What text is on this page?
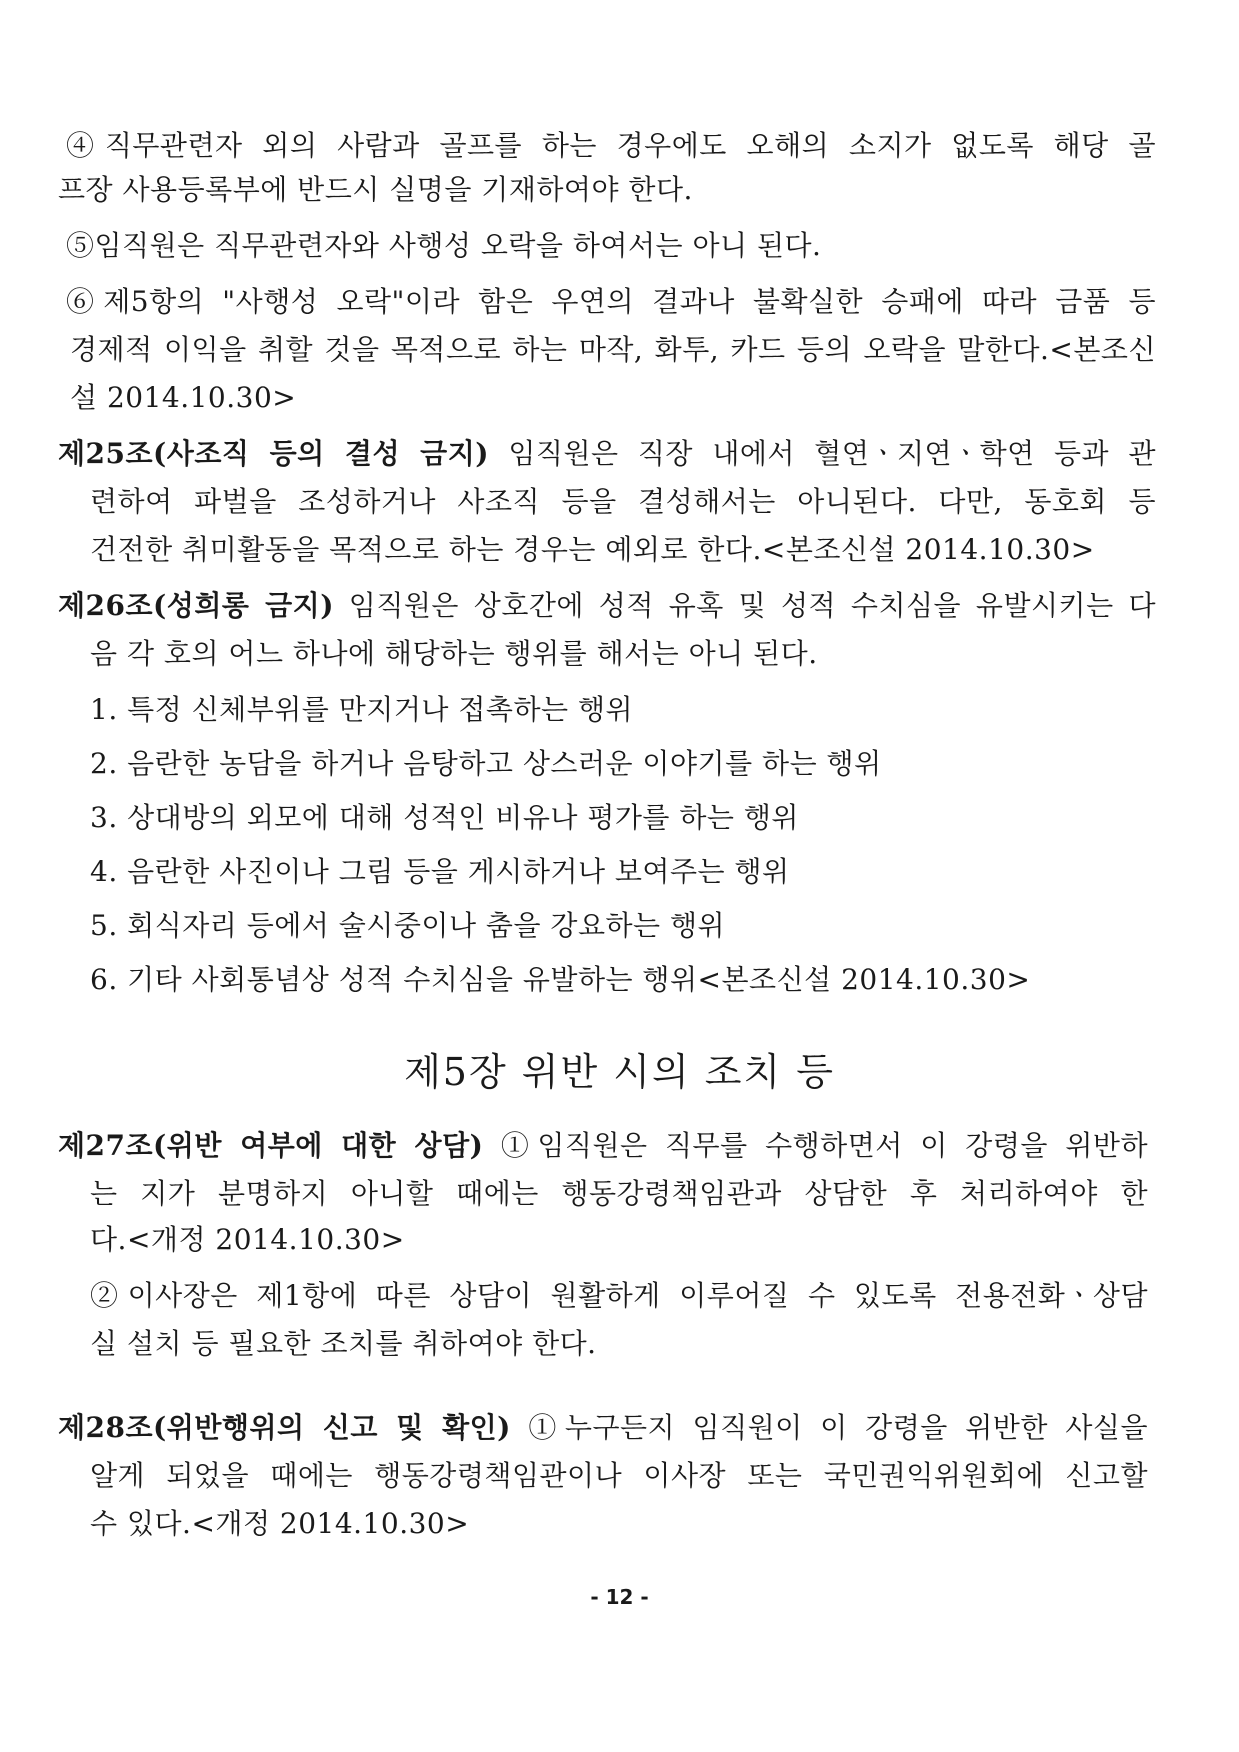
④직무관련자 외의 사람과 골프를 하는 경우에도 오해의 소지가 없도록 해당 골
프장 사용등록부에 반드시 실명을 기재하여야 한다.
⑤임직원은 직무관련자와 사행성 오락을 하여서는 아니 된다.
⑥제5항의 "사행성 오락"이라 함은 우연의 결과나 불확실한 승패에 따라 금품 등
경제적 이익을 취할 것을 목적으로 하는 마작, 화투, 카드 등의 오락을 말한다.<본조신
설 2014.10.30>
제25조(사조직 등의 결성 금지) 임직원은 직장 내에서 혈연ㆍ지연ㆍ학연 등과 관
련하여 파벌을 조성하거나 사조직 등을 결성해서는 아니된다. 다만, 동호회 등
건전한 취미활동을 목적으로 하는 경우는 예외로 한다.<본조신설 2014.10.30>
제26조(성희롱 금지) 임직원은 상호간에 성적 유혹 및 성적 수치심을 유발시키는 다
음 각 호의 어느 하나에 해당하는 행위를 해서는 아니 된다.
1. 특정 신체부위를 만지거나 접촉하는 행위
2. 음란한 농담을 하거나 음탕하고 상스러운 이야기를 하는 행위
3. 상대방의 외모에 대해 성적인 비유나 평가를 하는 행위
4. 음란한 사진이나 그림 등을 게시하거나 보여주는 행위
5. 회식자리 등에서 술시중이나 춤을 강요하는 행위
6. 기타 사회통념상 성적 수치심을 유발하는 행위<본조신설 2014.10.30>
제5장 위반 시의 조치 등
제27조(위반 여부에 대한 상담) ①임직원은 직무를 수행하면서 이 강령을 위반하
는 지가 분명하지 아니할 때에는 행동강령책임관과 상담한 후 처리하여야 한
다.<개정 2014.10.30>
②이사장은 제1항에 따른 상담이 원활하게 이루어질 수 있도록 전용전화ㆍ상담
실 설치 등 필요한 조치를 취하여야 한다.
제28조(위반행위의 신고 및 확인) ①누구든지 임직원이 이 강령을 위반한 사실을
알게 되었을 때에는 행동강령책임관이나 이사장 또는 국민권익위원회에 신고할
수 있다.<개정 2014.10.30>
- 12 -
